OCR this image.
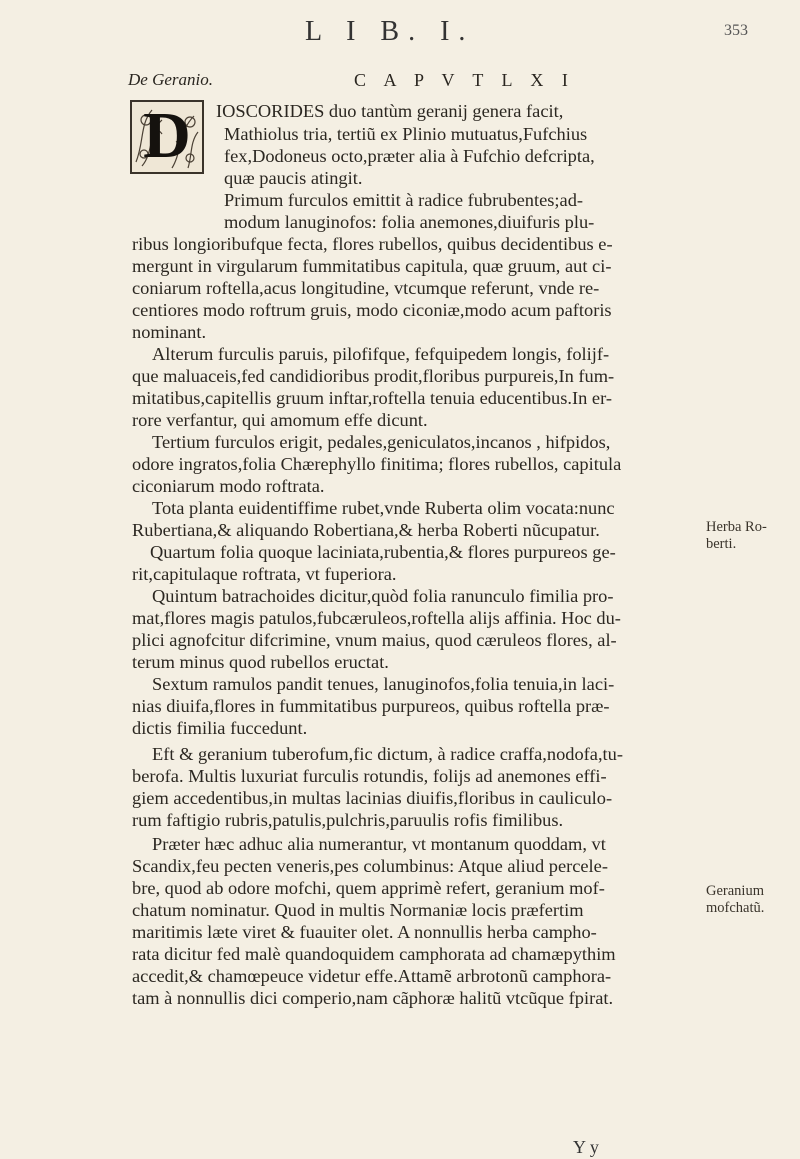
L I B. I.	353
De Geranio.	C A P V T L X I
D	IOSCORIDES duo tantùm geranij genera facit,
Mathiolus tria, tertiũ ex Plinio mutuatus,Fufchius
fex,Dodoneus octo,præter alia à Fufchio defcripta,
quæ paucis atingit.
Primum furculos emittit à radice fubrubentes;ad-
modum lanuginofos: folia anemones,diuifuris plu-
ribus longioribufque fecta, flores rubellos, quibus decidentibus e-
mergunt in virgularum fummitatibus capitula, quæ gruum, aut ci-
coniarum roftella,acus longitudine, vtcumque referunt, vnde re-
centiores modo roftrum gruis, modo ciconiæ,modo acum paftoris
nominant.
Alterum furculis paruis, pilofifque, fefquipedem longis, folijf-
que maluaceis,fed candidioribus prodit,floribus purpureis,In fum-
mitatibus,capitellis gruum inftar,roftella tenuia educentibus.In er-
rore verfantur, qui amomum effe dicunt.
Tertium furculos erigit, pedales,geniculatos,incanos , hifpidos,
odore ingratos,folia Chærephyllo finitima; flores rubellos, capitula
ciconiarum modo roftrata.
Tota planta euidentiffime rubet,vnde Ruberta olim vocata:nunc
Rubertiana,& aliquando Robertiana,& herba Roberti nũcupatur.
Quartum folia quoque laciniata,rubentia,& flores purpureos ge-
rit,capitulaque roftrata, vt fuperiora.
Quintum batrachoides dicitur,quòd folia ranunculo fimilia pro-
mat,flores magis patulos,fubcæruleos,roftella alijs affinia. Hoc du-
plici agnofcitur difcrimine, vnum maius, quod cæruleos flores, al-
terum minus quod rubellos eructat.
Sextum ramulos pandit tenues, lanuginofos,folia tenuia,in laci-
nias diuifa,flores in fummitatibus purpureos, quibus roftella præ-
dictis fimilia fuccedunt.
Eft & geranium tuberofum,fic dictum, à radice craffa,nodofa,tu-
berofa. Multis luxuriat furculis rotundis, folijs ad anemones effi-
giem accedentibus,in multas lacinias diuifis,floribus in cauliculo-
rum faftigio rubris,patulis,pulchris,paruulis rofis fimilibus.
Præter hæc adhuc alia numerantur, vt montanum quoddam, vt
Scandix,feu pecten veneris,pes columbinus: Atque aliud percele-
bre, quod ab odore mofchi, quem apprimè refert, geranium mof-
chatum nominatur. Quod in multis Normaniæ locis præfertim
maritimis læte viret & fuauiter olet. A nonnullis herba campho-
rata dicitur fed malè quandoquidem camphorata ad chamæpythim
accedit,& chamœpeuce videtur effe.Attamẽ arbrotonũ camphora-
tam à nonnullis dici comperio,nam cãphoræ halitũ vtcũque fpirat.
Herba Ro-
berti.
Geranium
mofchatũ.
Y y
